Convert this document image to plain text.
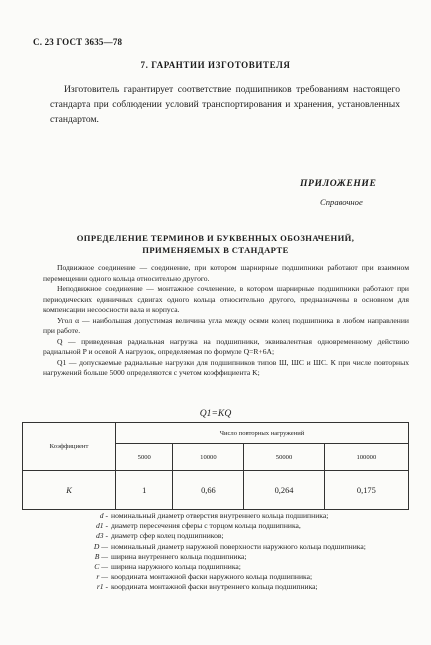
С. 23 ГОСТ 3635—78
7. ГАРАНТИИ ИЗГОТОВИТЕЛЯ
Изготовитель гарантирует соответствие подшипников требованиям настоящего стандарта при соблюдении условий транспортирования и хранения, установленных стандартом.
ПРИЛОЖЕНИЕ
Справочное
ОПРЕДЕЛЕНИЕ ТЕРМИНОВ И БУКВЕННЫХ ОБОЗНАЧЕНИЙ,
ПРИМЕНЯЕМЫХ В СТАНДАРТЕ

Подвижное соединение — соединение, при котором шарнирные подшипники работают при взаимном перемещении одного кольца относительно другого.

Неподвижное соединение — монтажное сочленение, в котором шарнирные подшипники работают при периодических единичных сдвигах одного кольца относительно другого, предназначены в основном для компенсации несоосности вала и корпуса.

Угол α — наибольшая допустимая величина угла между осями колец подшипника в любом направлении при работе.

Q — приведенная радиальная нагрузка на подшипники, эквивалентная одновременному действию радиальной P и осевой A нагрузок, определяемая по формуле Q=R+6A;

Q1 — допускаемые радиальные нагрузки для подшипников типов Ш, ШС и ШС. К при числе повторных нагружений больше 5000 определяются с учетом коэффициента K;

Q1=KQ
Коэффициент	Число повторных нагружений			
	5000	10000	50000	100000
K	1	0,66	0,264	0,175
d - номинальный диаметр отверстия внутреннего кольца подшипника;
d1 - диаметр пересечения сферы с торцом кольца подшипника,
d3 - диаметр сфер колец подшипников;
D — номинальный диаметр наружной поверхности наружного кольца подшипника;
B — ширина внутреннего кольца подшипника;
C — ширина наружного кольца подшипника;
r — координата монтажной фаски наружного кольца подшипника;
r1 - координата монтажной фаски внутреннего кольца подшипника;
